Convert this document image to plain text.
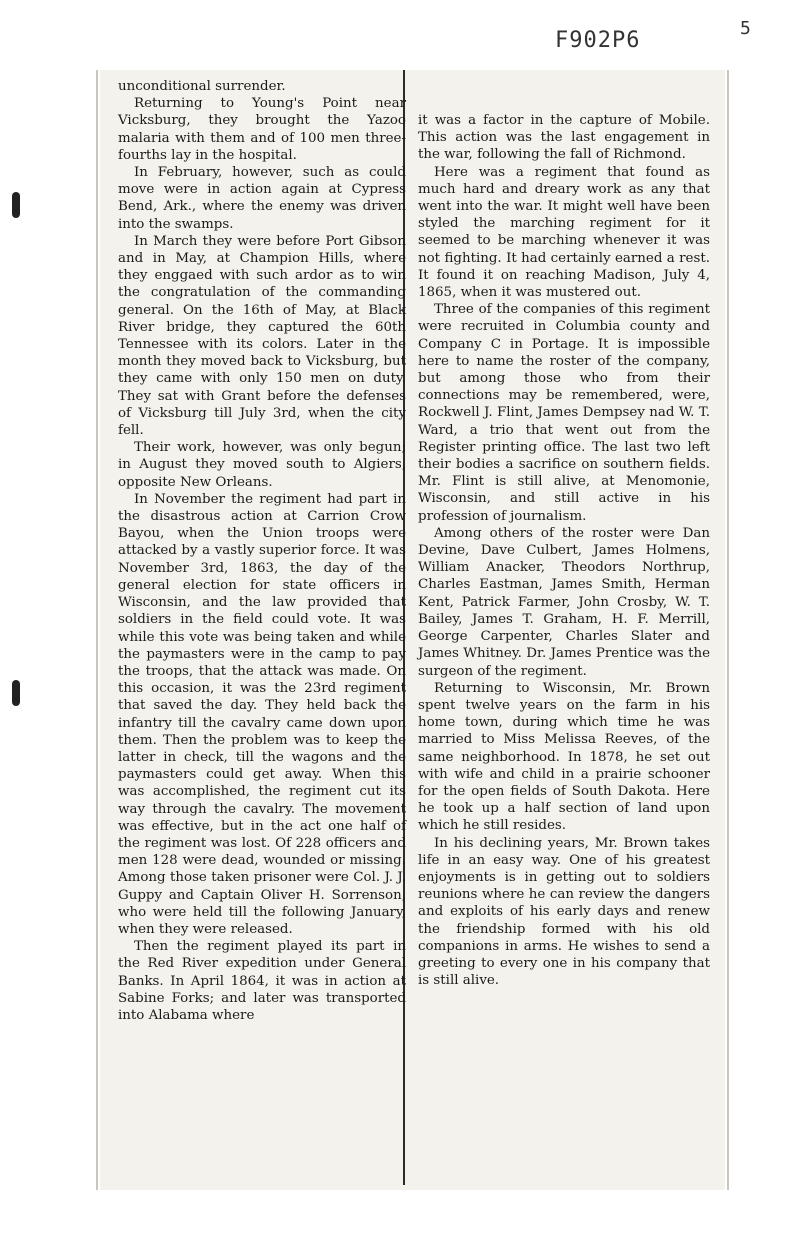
F902P6	5

unconditional surrender.

Returning to Young's Point near Vicksburg, they brought the Yazoo malaria with them and of 100 men three-fourths lay in the hospital.

In February, however, such as could move were in action again at Cypress Bend, Ark., where the enemy was driven into the swamps.

In March they were before Port Gibson and in May, at Champion Hills, where they enggaed with such ardor as to win the congratulation of the commanding general. On the 16th of May, at Black River bridge, they captured the 60th Tennessee with its colors. Later in the month they moved back to Vicksburg, but they came with only 150 men on duty. They sat with Grant before the defenses of Vicksburg till July 3rd, when the city fell.

Their work, however, was only begun; in August they moved south to Algiers, opposite New Orleans.

In November the regiment had part in the disastrous action at Carrion Crow Bayou, when the Union troops were attacked by a vastly superior force. It was November 3rd, 1863, the day of the general election for state officers in Wisconsin, and the law provided that soldiers in the field could vote. It was while this vote was being taken and while the paymasters were in the camp to pay the troops, that the attack was made. On this occasion, it was the 23rd regiment that saved the day. They held back the infantry till the cavalry came down upon them. Then the problem was to keep the latter in check, till the wagons and the paymasters could get away. When this was accomplished, the regiment cut its way through the cavalry. The movement was effective, but in the act one half of the regiment was lost. Of 228 officers and men 128 were dead, wounded or missing. Among those taken prisoner were Col. J. J. Guppy and Captain Oliver H. Sorrenson, who were held till the following January, when they were released.

Then the regiment played its part in the Red River expedition under General Banks. In April 1864, it was in action at Sabine Forks; and later was transported into Alabama where

it was a factor in the capture of Mobile. This action was the last engagement in the war, following the fall of Richmond.

Here was a regiment that found as much hard and dreary work as any that went into the war. It might well have been styled the marching regiment for it seemed to be marching whenever it was not fighting. It had certainly earned a rest. It found it on reaching Madison, July 4, 1865, when it was mustered out.

Three of the companies of this regiment were recruited in Columbia county and Company C in Portage. It is impossible here to name the roster of the company, but among those who from their connections may be remembered, were, Rockwell J. Flint, James Dempsey nad W. T. Ward, a trio that went out from the Register printing office. The last two left their bodies a sacrifice on southern fields. Mr. Flint is still alive, at Menomonie, Wisconsin, and still active in his profession of journalism.

Among others of the roster were Dan Devine, Dave Culbert, James Holmens, William Anacker, Theodors Northrup, Charles Eastman, James Smith, Herman Kent, Patrick Farmer, John Crosby, W. T. Bailey, James T. Graham, H. F. Merrill, George Carpenter, Charles Slater and James Whitney. Dr. James Prentice was the surgeon of the regiment.

Returning to Wisconsin, Mr. Brown spent twelve years on the farm in his home town, during which time he was married to Miss Melissa Reeves, of the same neighborhood. In 1878, he set out with wife and child in a prairie schooner for the open fields of South Dakota. Here he took up a half section of land upon which he still resides.

In his declining years, Mr. Brown takes life in an easy way. One of his greatest enjoyments is in getting out to soldiers reunions where he can review the dangers and exploits of his early days and renew the friendship formed with his old companions in arms. He wishes to send a greeting to every one in his company that is still alive.
